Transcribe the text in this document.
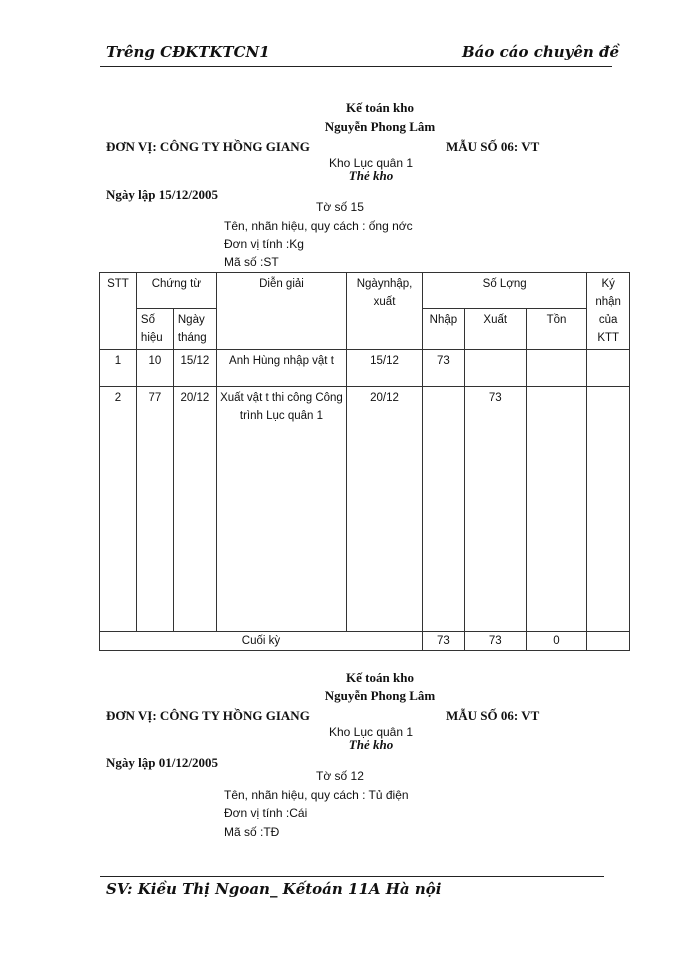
Trêng CĐKTKTCN1	Báo cáo chuyên đề
Kế toán kho
Nguyễn Phong Lâm
ĐƠN VỊ: CÔNG TY HỒNG GIANG	MẪU SỐ 06: VT
Kho Lục quân 1
Thẻ kho
Ngày lập 15/12/2005
Tờ số 15
Tên, nhãn hiệu, quy cách : ống nớc
Đơn vị tính :Kg
Mã số :ST
STT	Chứng từ		Diễn giải	Ngàynhập, xuất	Số Lợng			Ký nhận của KTT
	Số hiệu	Ngày tháng			Nhập	Xuất	Tồn	
1	10	15/12	Anh Hùng nhập vật t	15/12	73			
2	77	20/12	Xuất vật t thi công Công trình Lục quân 1	20/12		73		
Cuối kỳ					73	73	0	
Kế toán kho
Nguyễn Phong Lâm
ĐƠN VỊ: CÔNG TY HỒNG GIANG	MẪU SỐ 06: VT
Kho Lục quân 1
Thẻ kho
Ngày lập 01/12/2005
Tờ số 12
Tên, nhãn hiệu, quy cách : Tủ điện
Đơn vị tính :Cái
Mã số :TĐ
SV: Kiều Thị Ngoan_ Kếtoán 11A Hà nội
